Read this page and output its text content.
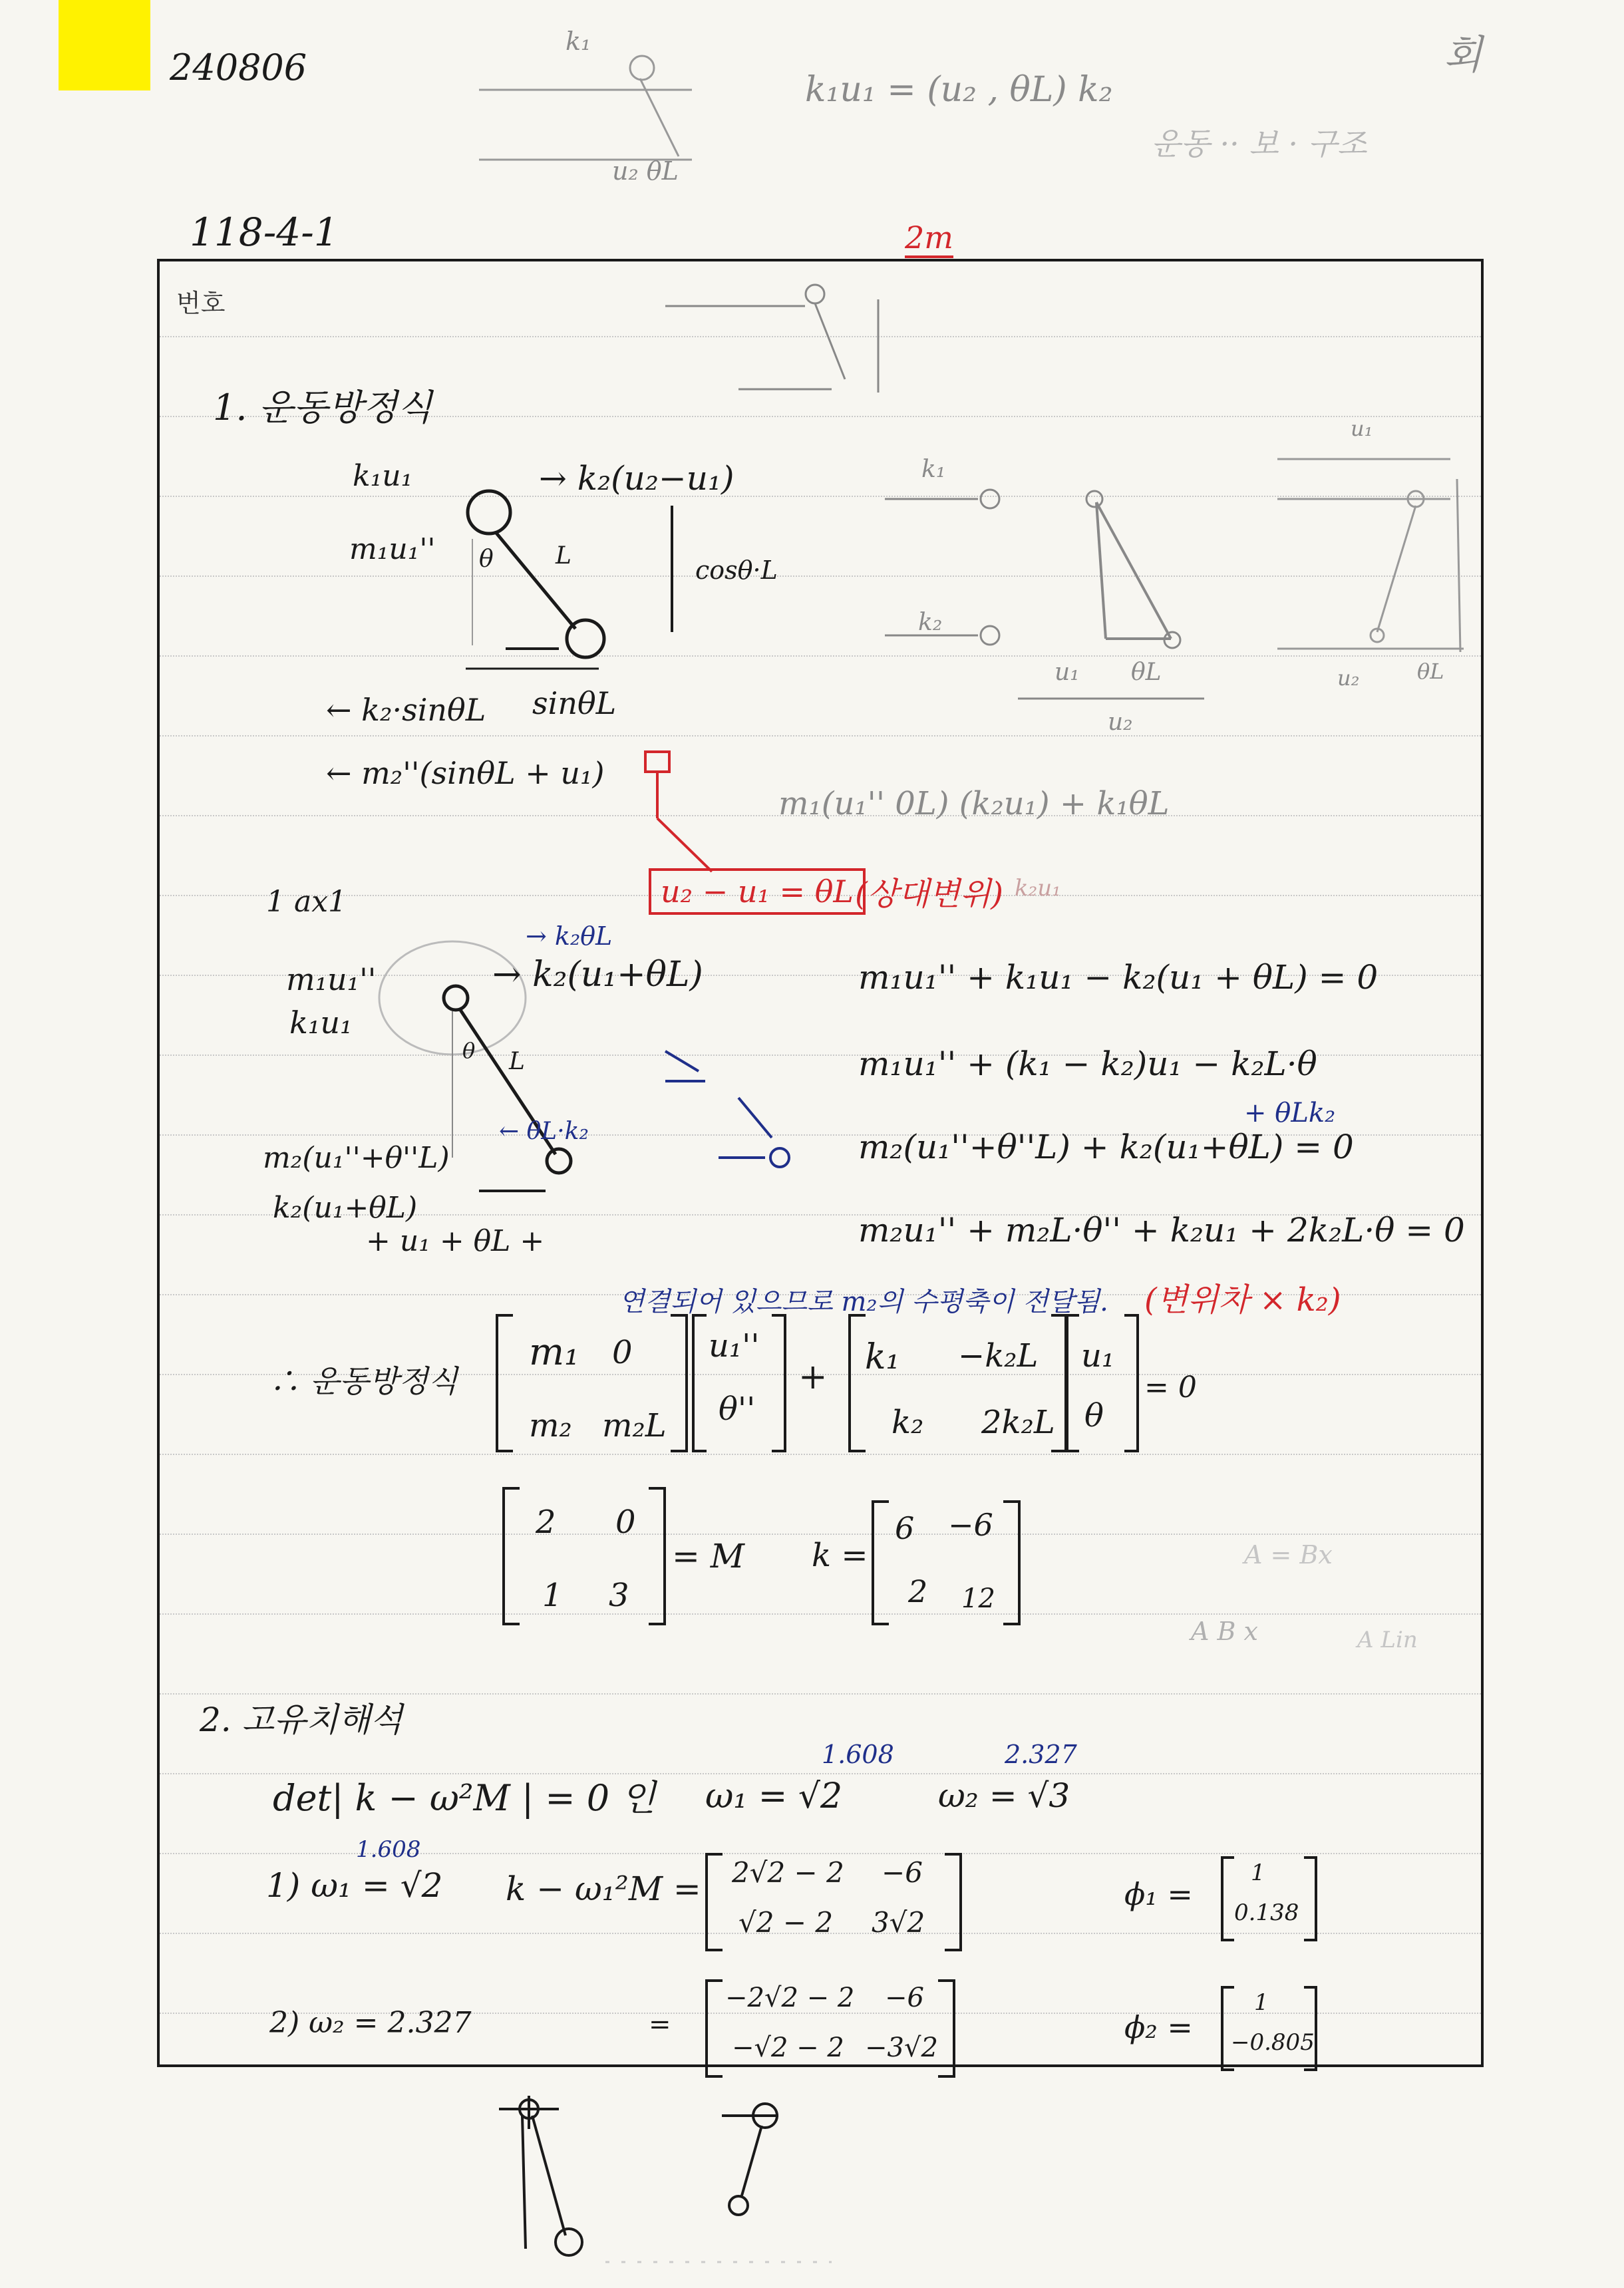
240806
118-4-1
k₁u₁ = (u₂ , θL) k₂
회
운동 ·· 보 · 구조
2m
k₁
u₂ θL
번호
1. 운동방정식
k₁u₁
m₁u₁''
→ k₂(u₂−u₁)
θ	L	cosθ·L
sinθL
← k₂·sinθL
← m₂''(sinθL + u₁)
k₁
k₂
u₁ θL
u₂
u₁
u₂	θL
m₁(u₁'' 0L) (k₂u₁) + k₁θL
u₂ − u₁ = θL (상대변위) k₂u₁
1 ax1
→ k₂θL
m₁u₁''
k₁u₁
→ k₂(u₁+θL)
θ L
← θL·k₂
m₂(u₁''+θ''L)
k₂(u₁+θL)
+ u₁ + θL +
m₁u₁'' + k₁u₁ − k₂(u₁ + θL) = 0
m₁u₁'' + (k₁ − k₂)u₁ − k₂L·θ
+ θLk₂
m₂(u₁''+θ''L) + k₂(u₁+θL) = 0
m₂u₁'' + m₂L·θ'' + k₂u₁ + 2k₂L·θ = 0
연결되어 있으므로 m₂의 수평축이 전달됨. (변위차 × k₂)
∴ 운동방정식
m₁ 0
m₂ m₂L
u₁''
θ''
+ k₁ −k₂L
k₂ 2k₂L
u₁
θ
= 0
2 0
1 3
= M k =
6 −6
2 12
A = Bx
A B x	A Lin
2. 고유치해석
det| k − ω²M | = 0 인 ω₁ = √2
1.608
ω₂ = √3
2.327
1) ω₁ = √2
1.608
k − ω₁²M = 2√2 − 2 −6
√2 − 2 3√2
ϕ₁ =
1
0.138
2) ω₂ = 2.327	=
−2√2 − 2 −6
−√2 − 2 −3√2
ϕ₂ =
1
−0.805
